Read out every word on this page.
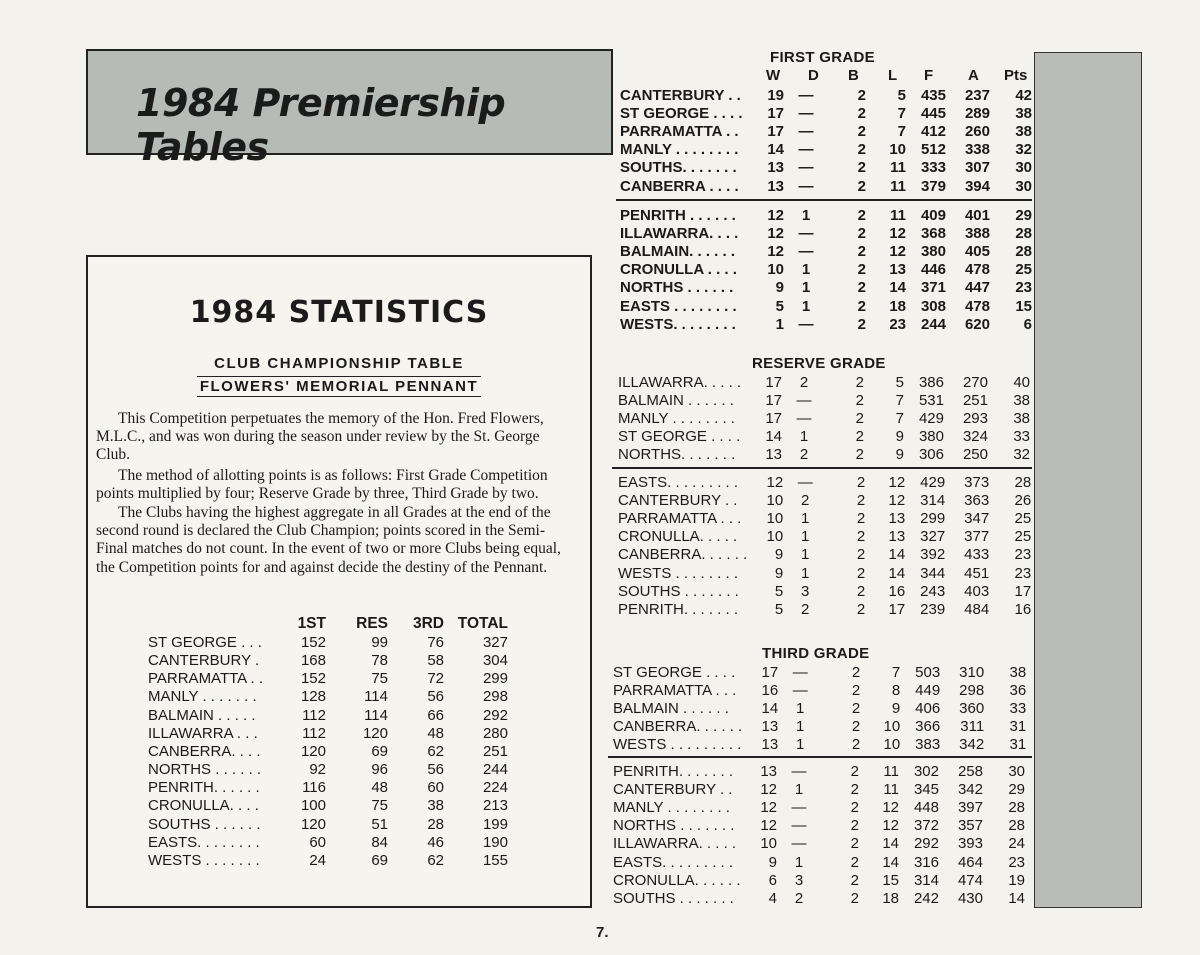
1984 Premiership Tables
1984 STATISTICS
CLUB CHAMPIONSHIP TABLE
FLOWERS' MEMORIAL PENNANT

This Competition perpetuates the memory of the Hon. Fred Flowers, M.L.C., and was won during the season under review by the St. George Club.

The method of allotting points is as follows: First Grade Competition points multiplied by four; Reserve Grade by three, Third Grade by two.

The Clubs having the highest aggregate in all Grades at the end of the second round is declared the Club Champion; points scored in the Semi-Final matches do not count. In the event of two or more Clubs being equal, the Competition points for and against decide the destiny of the Pennant.

	1ST	RES	3RD	TOTAL
ST GEORGE . . .	152	99	76	327
CANTERBURY .	168	78	58	304
PARRAMATTA . .	152	75	72	299
MANLY . . . . . . .	128	114	56	298
BALMAIN . . . . .	112	114	66	292
ILLAWARRA . . .	112	120	48	280
CANBERRA. . . .	120	69	62	251
NORTHS . . . . . .	92	96	56	244
PENRITH. . . . . .	116	48	60	224
CRONULLA. . . .	100	75	38	213
SOUTHS . . . . . .	120	51	28	199
EASTS. . . . . . . .	60	84	46	190
WESTS . . . . . . .	24	69	62	155
FIRST GRADE
W D B L F A Pts
CANTERBURY . .	19	—	2	5	435	237	42
ST GEORGE . . . .	17	—	2	7	445	289	38
PARRAMATTA . .	17	—	2	7	412	260	38
MANLY . . . . . . . .	14	—	2	10	512	338	32
SOUTHS. . . . . . .	13	—	2	11	333	307	30
CANBERRA . . . .	13	—	2	11	379	394	30
PENRITH . . . . . .	12	1	2	11	409	401	29
ILLAWARRA. . . .	12	—	2	12	368	388	28
BALMAIN. . . . . .	12	—	2	12	380	405	28
CRONULLA . . . .	10	1	2	13	446	478	25
NORTHS . . . . . .	9	1	2	14	371	447	23
EASTS . . . . . . . .	5	1	2	18	308	478	15
WESTS. . . . . . . .	1	—	2	23	244	620	6
RESERVE GRADE
ILLAWARRA. . . . .	17	2	2	5	386	270	40
BALMAIN . . . . . .	17	—	2	7	531	251	38
MANLY . . . . . . . .	17	—	2	7	429	293	38
ST GEORGE . . . .	14	1	2	9	380	324	33
NORTHS. . . . . . .	13	2	2	9	306	250	32
EASTS. . . . . . . . .	12	—	2	12	429	373	28
CANTERBURY . .	10	2	2	12	314	363	26
PARRAMATTA . . .	10	1	2	13	299	347	25
CRONULLA. . . . .	10	1	2	13	327	377	25
CANBERRA. . . . . .	9	1	2	14	392	433	23
WESTS . . . . . . . .	9	1	2	14	344	451	23
SOUTHS . . . . . . .	5	3	2	16	243	403	17
PENRITH. . . . . . .	5	2	2	17	239	484	16
THIRD GRADE
ST GEORGE . . . .	17	—	2	7	503	310	38
PARRAMATTA . . .	16	—	2	8	449	298	36
BALMAIN . . . . . .	14	1	2	9	406	360	33
CANBERRA. . . . . .	13	1	2	10	366	311	31
WESTS . . . . . . . . .	13	1	2	10	383	342	31
PENRITH. . . . . . .	13	—	2	11	302	258	30
CANTERBURY . .	12	1	2	11	345	342	29
MANLY . . . . . . . .	12	—	2	12	448	397	28
NORTHS . . . . . . .	12	—	2	12	372	357	28
ILLAWARRA. . . . .	10	—	2	14	292	393	24
EASTS. . . . . . . . .	9	1	2	14	316	464	23
CRONULLA. . . . . .	6	3	2	15	314	474	19
SOUTHS . . . . . . .	4	2	2	18	242	430	14
7.
